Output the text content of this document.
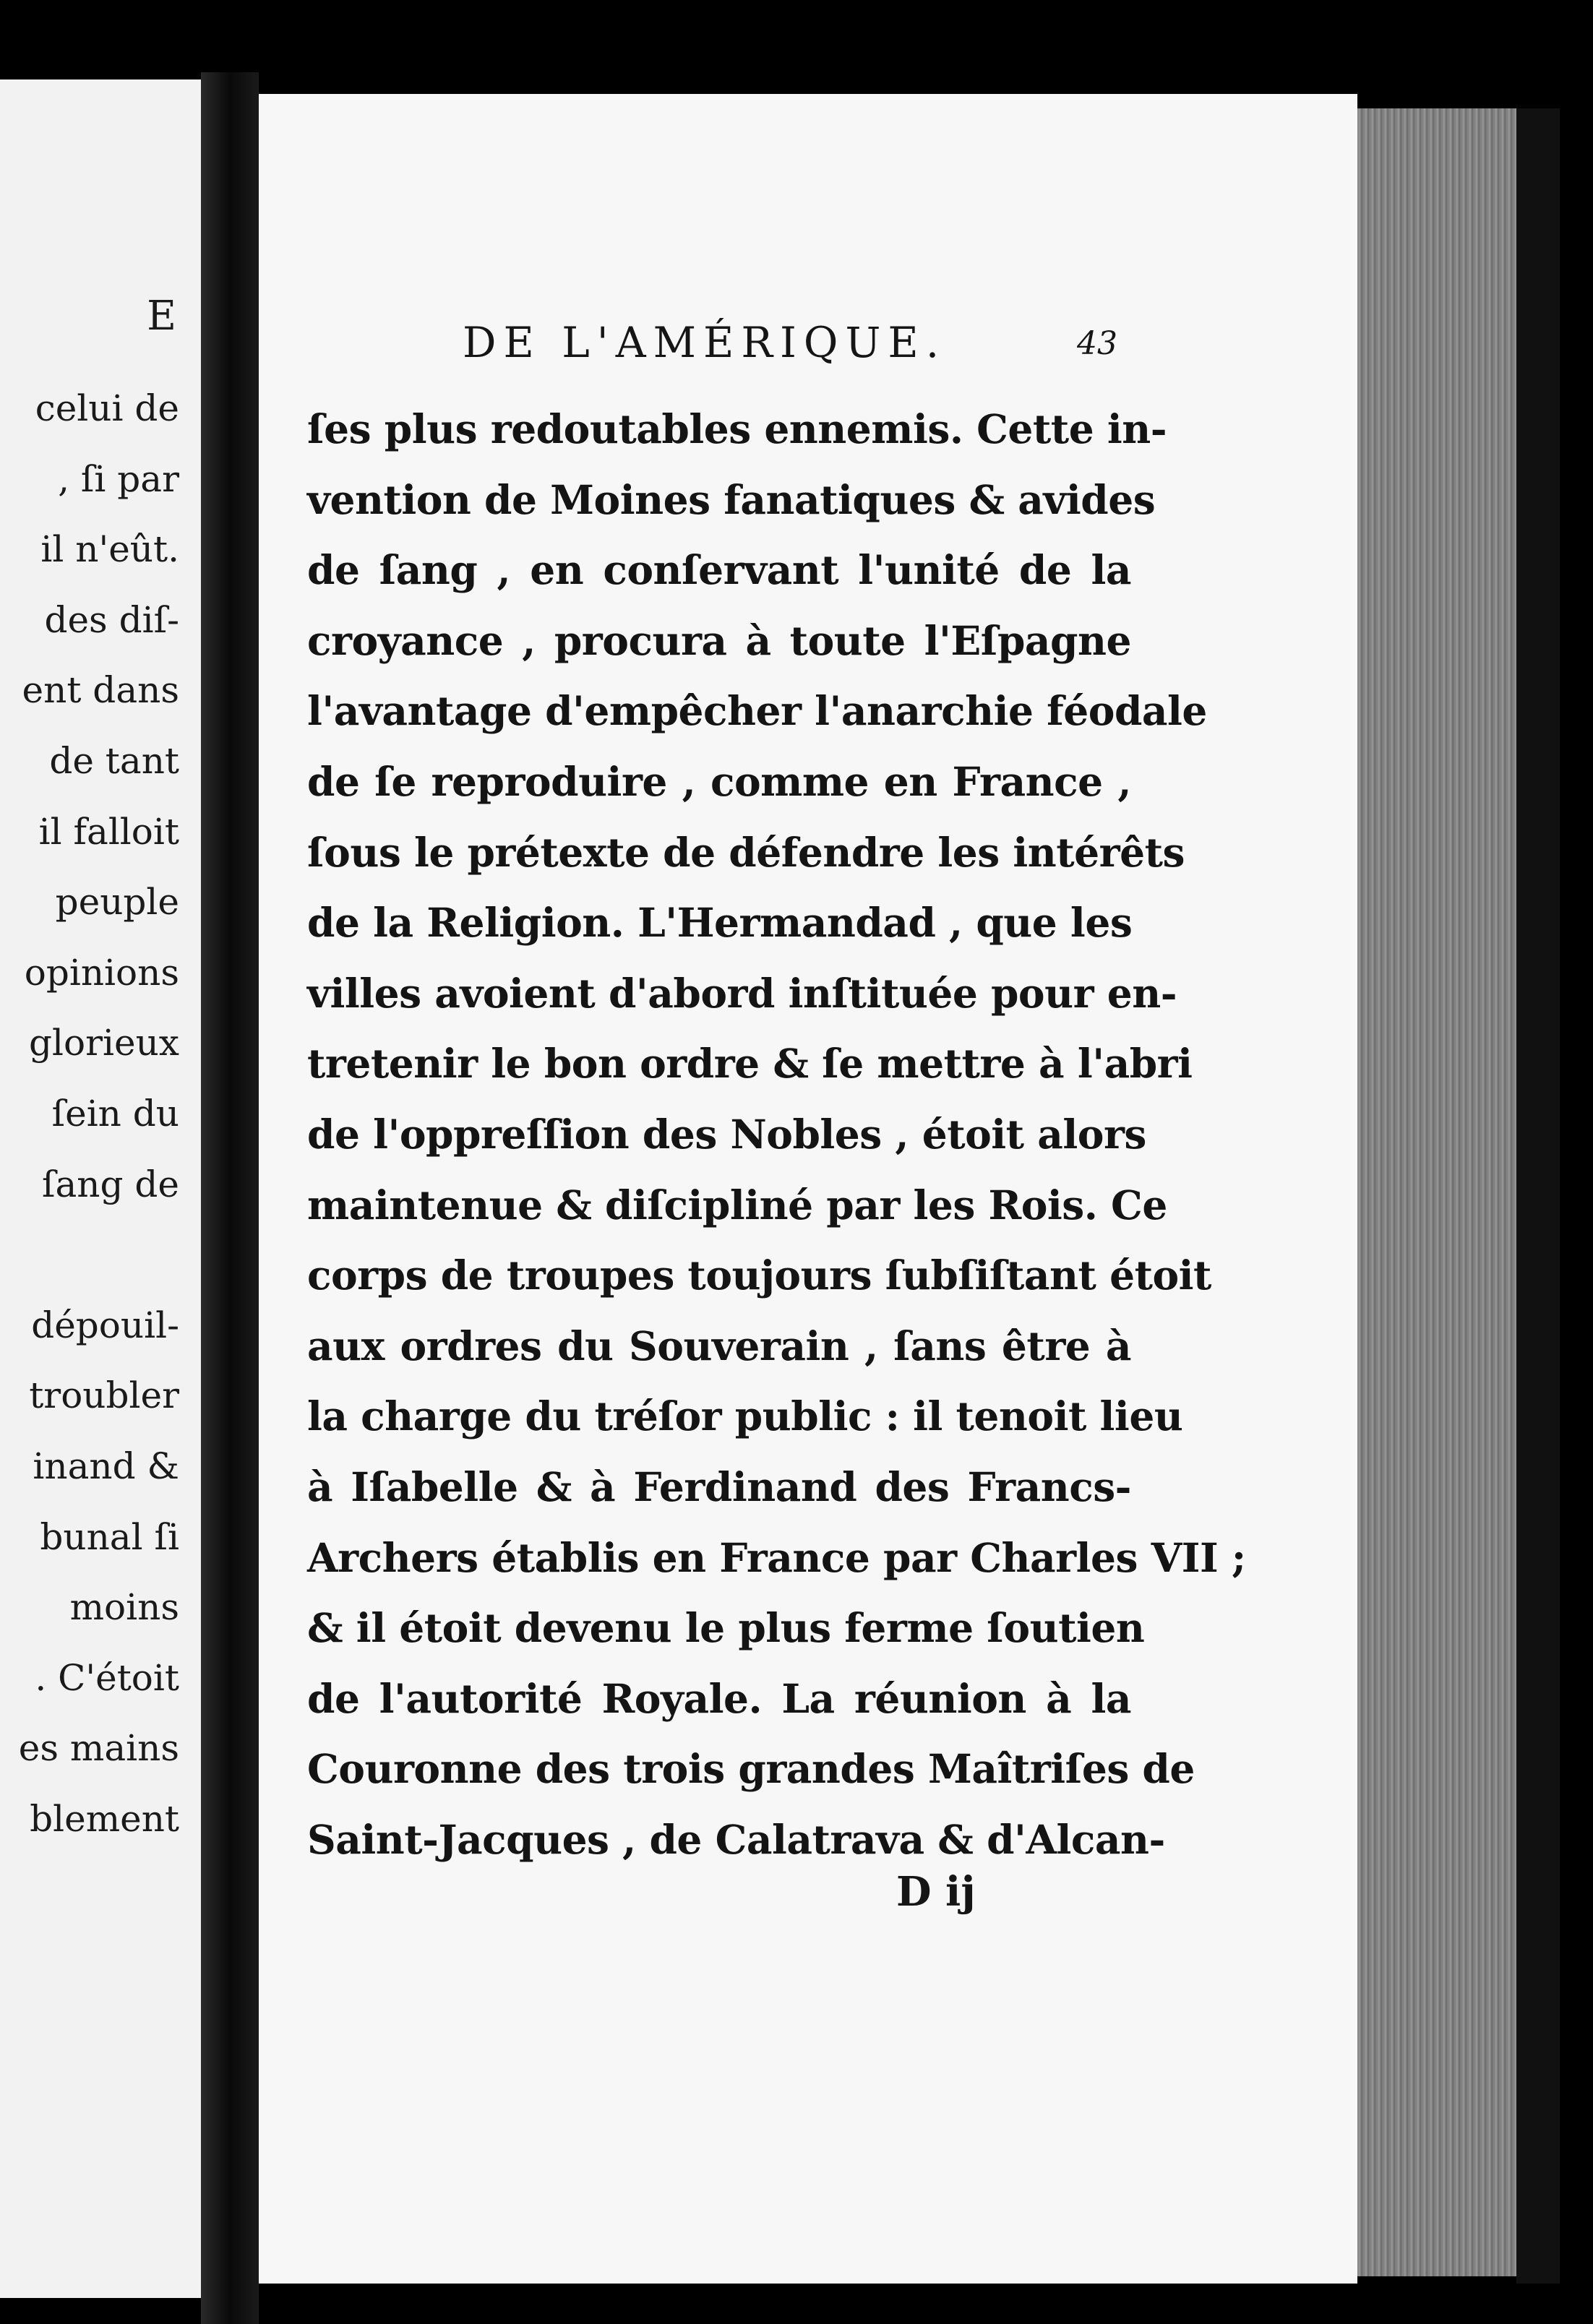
E
celui de
, ſi par
il n'eût.
des diſ-
ent dans
de tant
il falloit
peuple
opinions
glorieux
ſein du
ſang de
dépouil-
troubler
inand &
bunal ſi
moins
. C'étoit
es mains
blement
DE L'AMÉRIQUE.	43
ſes plus redoutables ennemis. Cette in-
vention de Moines fanatiques & avides
de ſang , en conſervant l'unité de la
croyance , procura à toute l'Eſpagne
l'avantage d'empêcher l'anarchie féodale
de ſe reproduire , comme en France ,
ſous le prétexte de défendre les intérêts
de la Religion. L'Hermandad , que les
villes avoient d'abord inſtituée pour en-
tretenir le bon ordre & ſe mettre à l'abri
de l'oppreſſion des Nobles , étoit alors
maintenue & diſcipliné par les Rois. Ce
corps de troupes toujours ſubſiſtant étoit
aux ordres du Souverain , ſans être à
la charge du tréſor public : il tenoit lieu
à Iſabelle & à Ferdinand des Francs-
Archers établis en France par Charles VII ;
& il étoit devenu le plus ferme ſoutien
de l'autorité Royale. La réunion à la
Couronne des trois grandes Maîtriſes de
Saint-Jacques , de Calatrava & d'Alcan-
D ij
